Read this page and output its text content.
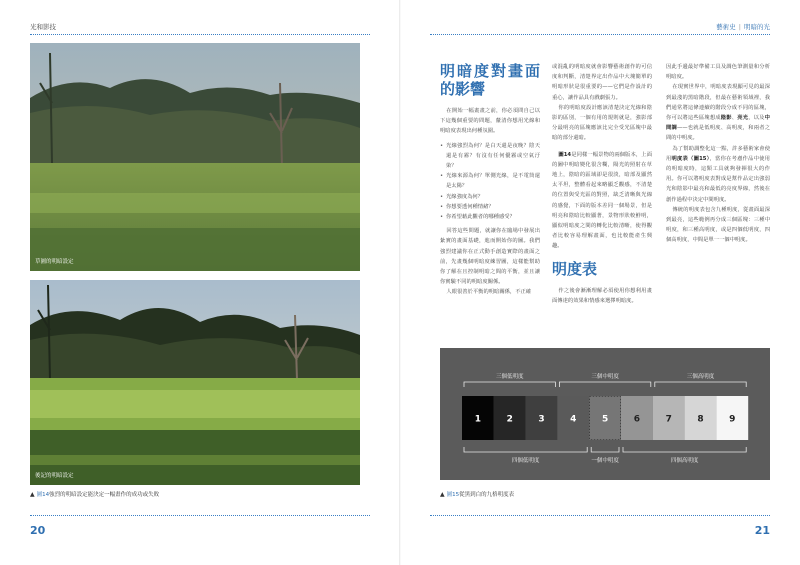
光和影技	藝術史 | 明暗的光
草圖的明暗設定
後記的明暗設定
▲ 圖14強烈的明暗設定能決定一幅畫作的成功或失敗
20
明暗度對畫面的影響

在開始一幅畫畫之前，你必須問自己以下這幾個重要的問題，釐清你想用光線和明暗度表現出何種氛圍。

• 光線強烈為何？是白天還是夜晚？陰天還是有霧？有沒有任何優霧或空氣汙染？
• 光線來源為何？單側光線，是不電筒還是太陽？
• 光線強度為何？
• 你想要透何種情緒？
• 你希望藉此觀者的哪種感受？

回答這些問題，就讓你在臨場中發展出紮實的畫面基礎，進而開始你的圖。我們強烈建議你在正式動手創造實際的畫面之前，先畫幾個明暗度練習圖，這樣能幫助你了解在且控制明暗之間的平衡，並且讓你實驗不同的明暗度關係。

人眼很善於平衡的明暗關係，不正確

或混亂的明暗度就會影響藝術創作的可信度和判斷，清楚界定出作品中大塊簡單的明暗形狀是很重要的——它們是作設計的重心，讓作品具有戲劇張力。

你的明暗度設計應該清楚決定光線和陰影的區別，一個有用的規則就是，強影部分最明亮的區塊應該比完全受光區塊中最暗的部分還暗。

圖14是同樣一幅景物的兩個版本，上面的圖中明暗變化很含糊，陽光的照射在草地上，陰暗的區域卻是很淡，暗部及顯然太平坦，整體看起來略顯乏觀感，不清楚的位置與受光區的對照，缺乏清晰與光線的感覺，下面的版本差同一個場景，但是明亮和陰暗比較顯著，景物形狀較鮮明，顯似明暗度之間的轉化比較清晰，使得觀者比較容易理解畫面，也比較能產生興趣。

明度表

作之後會漸漸理解必須使用你想利用畫面傳達的效果和情感來選擇明暗度。

因此手邊最好準備工具及調色筆測量和分析明暗度。

在現實世界中，明暗度表現顯可見的最深到最淺的黑暗階段，但最在藝術領域裡，我們通常將這條連續的階段分成不同的區塊，你可以將這些區塊想成陰影、亮光，以及中間調——也就是低明度、高明度，和兩者之間的中明度。

為了幫助調整化這一點，許多藝術家會使用明度表（圖15），當你在考慮作品中使用的明暗度時，這類工具就夠發揮很大的作用。你可以將明度表對成是幫作品定出強弱光和陰影中最亮和最低的亮度界線，然後在創作過程中決定中間明度。

傳統的明度表包含九種明度，從畫面最深到最亮，這些範例再分成三個區塊：三種中明度，和三種高明度，或是四個低明度，四個高明度，中間是單一一個中明度。

三個低明度	三個中明度	三個高明度
四個低明度	一個中明度	四個高明度
1	2	3	4	5	6	7	8	9
▲ 圖15從黑到白的九格明度表
21
